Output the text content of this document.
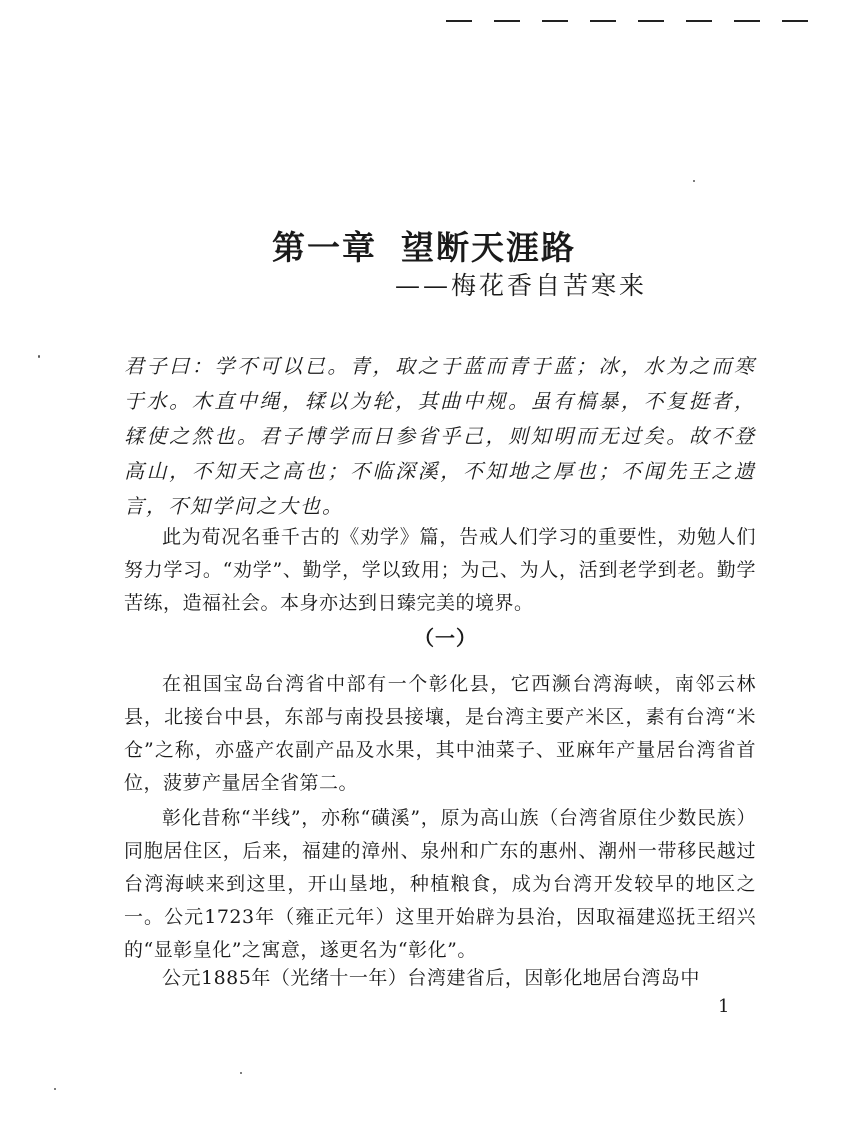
第一章 望断天涯路
——梅花香自苦寒来

君子曰：学不可以已。青，取之于蓝而青于蓝；冰，水为之而寒于水。木直中绳，𫐓以为轮，其曲中规。虽有槁暴，不复挺者，𫐓使之然也。君子博学而日参省乎己，则知明而无过矣。故不登高山，不知天之高也；不临深溪，不知地之厚也；不闻先王之遗言，不知学问之大也。

此为荀况名垂千古的《劝学》篇，告戒人们学习的重要性，劝勉人们努力学习。“劝学”、勤学，学以致用；为己、为人，活到老学到老。勤学苦练，造福社会。本身亦达到日臻完美的境界。

（一）

在祖国宝岛台湾省中部有一个彰化县，它西濒台湾海峡，南邻云林县，北接台中县，东部与南投县接壤，是台湾主要产米区，素有台湾“米仓”之称，亦盛产农副产品及水果，其中油菜子、亚麻年产量居台湾省首位，菠萝产量居全省第二。

彰化昔称“半线”，亦称“磺溪”，原为高山族（台湾省原住少数民族）同胞居住区，后来，福建的漳州、泉州和广东的惠州、潮州一带移民越过台湾海峡来到这里，开山垦地，种植粮食，成为台湾开发较早的地区之一。公元1723年（雍正元年）这里开始辟为县治，因取福建巡抚王绍兴的“显彰皇化”之寓意，遂更名为“彰化”。

公元1885年（光绪十一年）台湾建省后，因彰化地居台湾岛中

1
